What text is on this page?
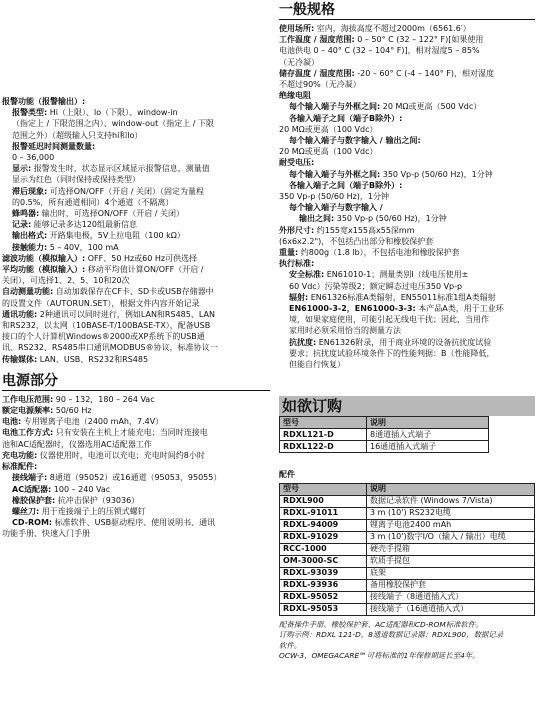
报警功能（报警输出）:
报警类型: Hi（上限）、lo（下限）、window-in
（指定上 / 下限范围之内）、window-out（指定上 / 下限
范围之外）（超级输入只支持hi和lo）
报警延迟时间测量数量:
0 – 36,000
显示: 报警发生时，状态显示区域显示报警信息，测量值
显示为红色（同时保持或保持类型）
滞后现象: 可选择ON/OFF（开启 / 关闭）（固定为量程
的0.5%，所有通道相同）4个通道（不隔离）
蜂鸣器: 输出时，可选择ON/OFF（开启 / 关闭）
记录: 能够记录多达120组最新信息
输出格式: 开路集电极，5V上拉电阻（100 kΩ）
接触能力: 5 – 40V，100 mA
滤波功能（模拟输入）: OFF、50 Hz或60 Hz可供选择
平均功能（模拟输入）: 移动平均值计算ON/OFF（开启 /
关闭），可选择1、2、5、10和20次
自动测量功能: 自动加载保存在CF卡、SD卡或USB存储器中
的设置文件（AUTORUN.SET），根据文件内容开始记录
通讯功能: 2种通讯可以同时进行，例如LAN和RS485、LAN
和RS232，以太网（10BASE-T/100BASE-TX），配备USB
接口的个人计算机Windows®2000或XP系统下的USB通
讯、RS232、RS485串口通讯MODBUS®协议，标准协议一
传输媒体: LAN、USB、RS232和RS485
电源部分
工作电压范围: 90 – 132，180 – 264 Vac
额定电源频率: 50/60 Hz
电池: 专用锂离子电池（2400 mAh，7.4V）
电池工作方式: 只有安装在主机上才能充电；当同时连接电
池和AC适配器时，仪器选用AC适配器工作
充电功能: 仪器使用时，电池可以充电；充电时间约8小时
标准配件:
接线端子: 8通道（95052）或16通道（95053，95055）
AC适配器: 100 – 240 Vac
橡胶保护套: 抗冲击保护（93036）
螺丝刀: 用于连接端子上的压锁式螺钉
CD-ROM: 标准软件、USB驱动程序、使用说明书、通讯
功能手册、快速入门手册
一般规格
使用场所: 室内，海拔高度不超过2000m（6561.6′）
工作温度 / 湿度范围: 0 – 50° C (32 – 122° F)[如果使用
电池供电 0 – 40° C (32 – 104° F)]，相对湿度5 – 85%
（无冷凝）
储存温度 / 湿度范围: -20 – 60° C (-4 – 140° F)，相对湿度
不超过90%（无冷凝）
绝缘电阻
每个输入端子与外框之间: 20 MΩ或更高（500 Vdc）
各输入端子之间（端子B除外）:
20 MΩ或更高（100 Vdc）
每个输入端子与数字输入 / 输出之间:
20 MΩ或更高（100 Vdc）
耐受电压:
每个输入端子与外框之间: 350 Vp-p (50/60 Hz)，1分钟
各输入端子之间（端子B除外）:
350 Vp-p (50/60 Hz)，1分钟
每个输入端子与数字输入 /
输出之间: 350 Vp-p (50/60 Hz)，1分钟
外形尺寸: 约155宽x155高x55深mm
(6x6x2.2")，不包括凸出部分和橡胶保护套
重量: 约800g（1.8 lb），不包括电池和橡胶保护套
执行标准:
安全标准: EN61010-1；测量类别Ⅰ（线电压使用±
60 Vdc）污染等级2；额定瞬态过电压350 Vp-p
辐射: EN61326标准A类辐射，EN55011标准1组A类辐射
EN61000-3-2，EN61000-3-3: 本产品A类，用于工业环
境，如果家庭使用，可能引起无线电干扰；因此，当用作
家用时必须采用恰当的测量方法
抗扰度: EN61326附录，用于商业环境的设备抗扰度试验
要求；抗扰度试验环境条件下的性能判据：B（性能降低，
但能自行恢复）
如欲订购
型号	说明
RDXL121-D	8通道插入式端子
RDXL122-D	16通道插入式端子
配件
型号	说明
RDXL900	数据记录软件 (Windows 7/Vista)
RDXL-91011	3 m (10') RS232电缆
RDXL-94009	锂离子电池2400 mAh
RDXL-91029	3 m (10')数字I/O（输入 / 输出）电缆
RCC-1000	硬壳手提箱
OM-3000-SC	软质手提包
RDXL-93039	底架
RDXL-93936	备用橡胶保护套
RDXL-95052	接线端子（8通道插入式）
RDXL-95053	接线端子（16通道插入式）
配备操作手册、橡胶保护套、AC适配器和CD-ROM标准软件。
订购示例：RDXL 121-D，8通道数据记录器；RDXL900，数据记录
软件。
OCW-3，OMEGACARE℠可将标准的1年保修期延长至4年。
